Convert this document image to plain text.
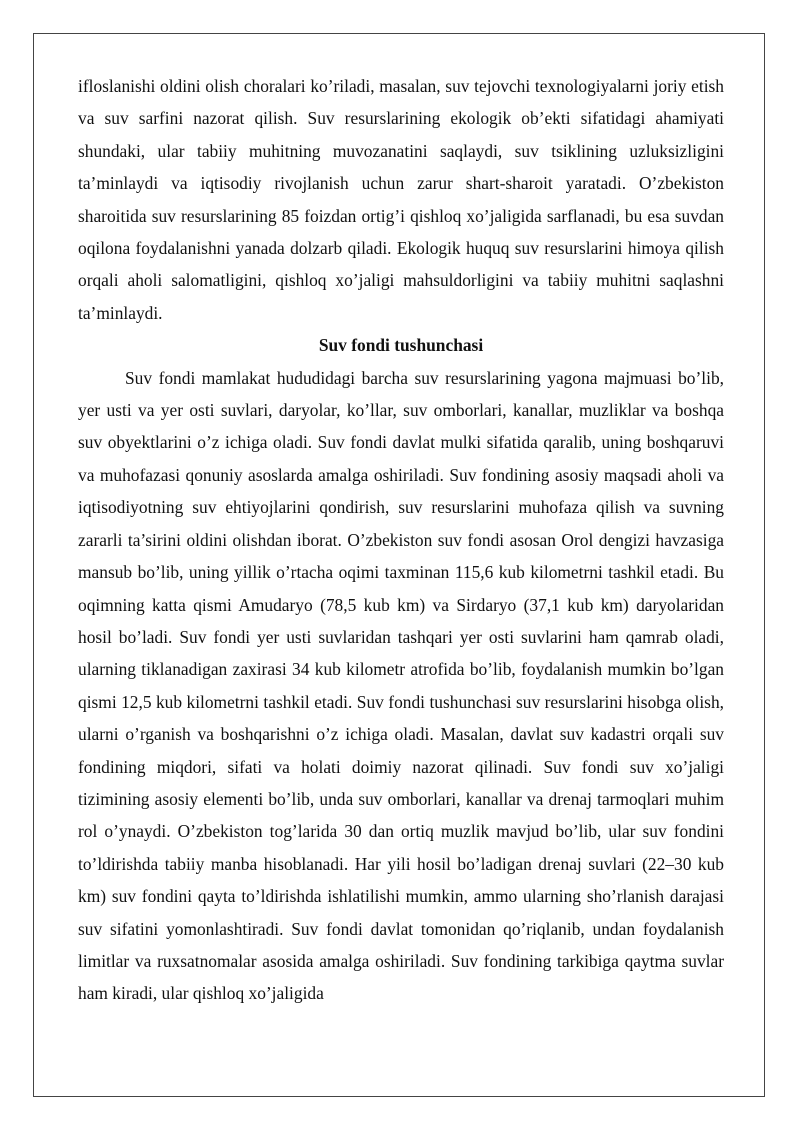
ifloslanishi oldini olish choralari ko’riladi, masalan, suv tejovchi texnologiyalarni joriy etish va suv sarfini nazorat qilish. Suv resurslarining ekologik ob’ekti sifatidagi ahamiyati shundaki, ular tabiiy muhitning muvozanatini saqlaydi, suv tsiklining uzluksizligini ta’minlaydi va iqtisodiy rivojlanish uchun zarur shart-sharoit yaratadi. O’zbekiston sharoitida suv resurslarining 85 foizdan ortig’i qishloq xo’jaligida sarflanadi, bu esa suvdan oqilona foydalanishni yanada dolzarb qiladi. Ekologik huquq suv resurslarini himoya qilish orqali aholi salomatligini, qishloq xo’jaligi mahsuldorligini va tabiiy muhitni saqlashni ta’minlaydi.

Suv fondi tushunchasi

Suv fondi mamlakat hududidagi barcha suv resurslarining yagona majmuasi bo’lib, yer usti va yer osti suvlari, daryolar, ko’llar, suv omborlari, kanallar, muzliklar va boshqa suv obyektlarini o’z ichiga oladi. Suv fondi davlat mulki sifatida qaralib, uning boshqaruvi va muhofazasi qonuniy asoslarda amalga oshiriladi. Suv fondining asosiy maqsadi aholi va iqtisodiyotning suv ehtiyojlarini qondirish, suv resurslarini muhofaza qilish va suvning zararli ta’sirini oldini olishdan iborat. O’zbekiston suv fondi asosan Orol dengizi havzasiga mansub bo’lib, uning yillik o’rtacha oqimi taxminan 115,6 kub kilometrni tashkil etadi. Bu oqimning katta qismi Amudaryo (78,5 kub km) va Sirdaryo (37,1 kub km) daryolaridan hosil bo’ladi. Suv fondi yer usti suvlaridan tashqari yer osti suvlarini ham qamrab oladi, ularning tiklanadigan zaxirasi 34 kub kilometr atrofida bo’lib, foydalanish mumkin bo’lgan qismi 12,5 kub kilometrni tashkil etadi. Suv fondi tushunchasi suv resurslarini hisobga olish, ularni o’rganish va boshqarishni o’z ichiga oladi. Masalan, davlat suv kadastri orqali suv fondining miqdori, sifati va holati doimiy nazorat qilinadi. Suv fondi suv xo’jaligi tizimining asosiy elementi bo’lib, unda suv omborlari, kanallar va drenaj tarmoqlari muhim rol o’ynaydi. O’zbekiston tog’larida 30 dan ortiq muzlik mavjud bo’lib, ular suv fondini to’ldirishda tabiiy manba hisoblanadi. Har yili hosil bo’ladigan drenaj suvlari (22–30 kub km) suv fondini qayta to’ldirishda ishlatilishi mumkin, ammo ularning sho’rlanish darajasi suv sifatini yomonlashtiradi. Suv fondi davlat tomonidan qo’riqlanib, undan foydalanish limitlar va ruxsatnomalar asosida amalga oshiriladi. Suv fondining tarkibiga qaytma suvlar ham kiradi, ular qishloq xo’jaligida
